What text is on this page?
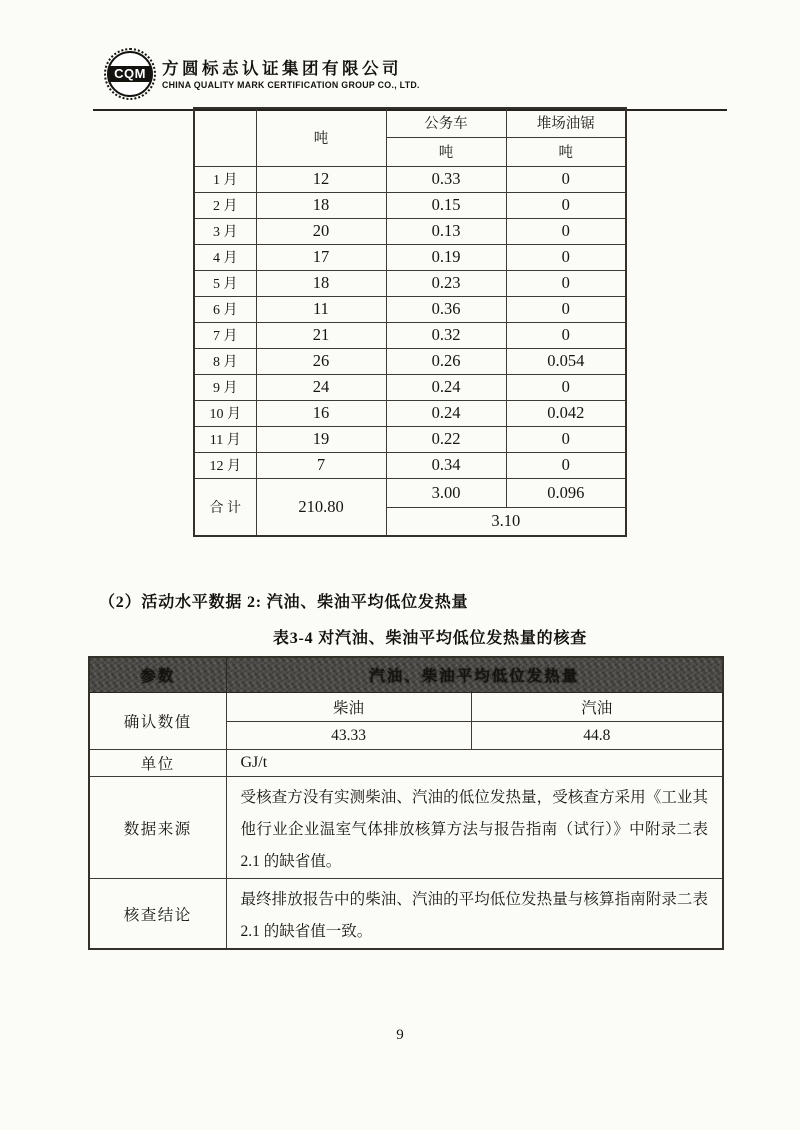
CQM 方圆标志认证集团有限公司
CHINA QUALITY MARK CERTIFICATION GROUP CO., LTD.
	吨	公务车	堆场油锯
		吨	吨
1 月	12	0.33	0
2 月	18	0.15	0
3 月	20	0.13	0
4 月	17	0.19	0
5 月	18	0.23	0
6 月	11	0.36	0
7 月	21	0.32	0
8 月	26	0.26	0.054
9 月	24	0.24	0
10 月	16	0.24	0.042
11 月	19	0.22	0
12 月	7	0.34	0
合 计	210.80	3.00	0.096
		3.10	
（2）活动水平数据 2: 汽油、柴油平均低位发热量
表3-4 对汽油、柴油平均低位发热量的核查
参数	汽油、柴油平均低位发热量	
确认数值	柴油	汽油
	43.33	44.8
单位	GJ/t	
数据来源	受核查方没有实测柴油、汽油的低位发热量，受核查方采用《工业其他行业企业温室气体排放核算方法与报告指南（试行）》中附录二表 2.1 的缺省值。	
核查结论	最终排放报告中的柴油、汽油的平均低位发热量与核算指南附录二表 2.1 的缺省值一致。	
9
